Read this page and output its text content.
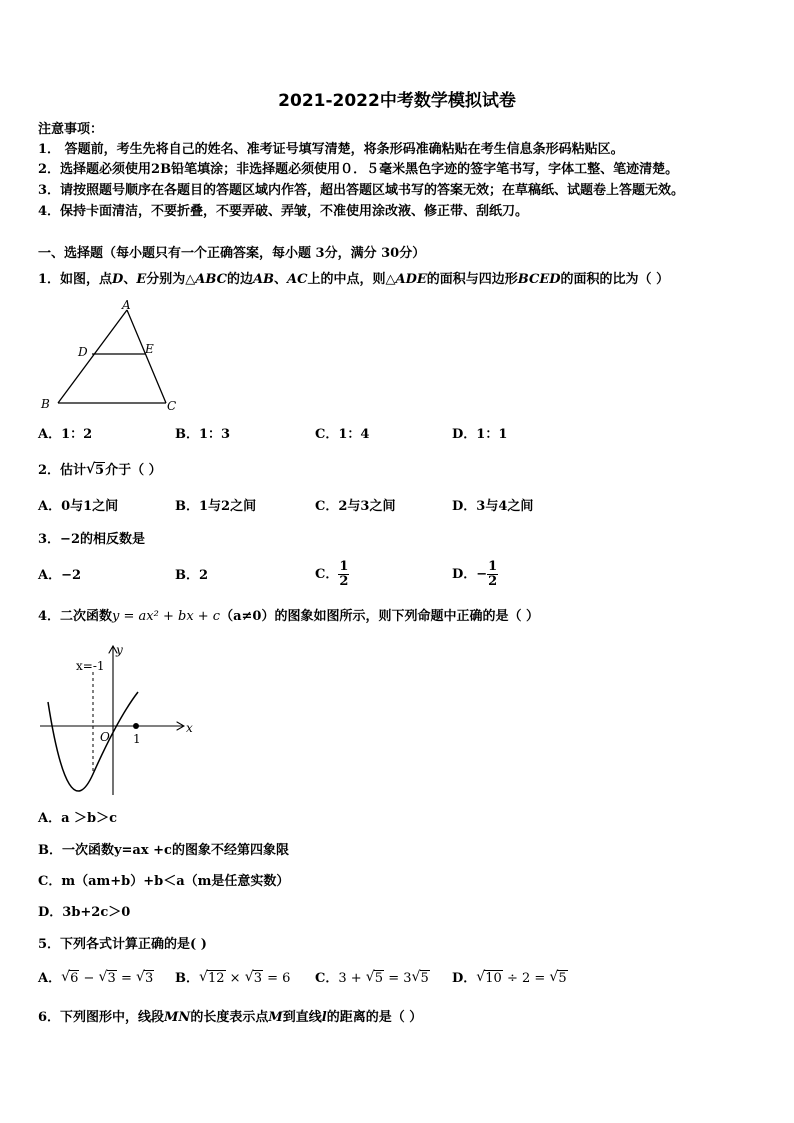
2021-2022中考数学模拟试卷
注意事项：
1． 答题前，考生先将自己的姓名、准考证号填写清楚，将条形码准确粘贴在考生信息条形码粘贴区。
2．选择题必须使用2B铅笔填涂；非选择题必须使用０．５毫米黑色字迹的签字笔书写，字体工整、笔迹清楚。
3．请按照题号顺序在各题目的答题区域内作答，超出答题区域书写的答案无效；在草稿纸、试题卷上答题无效。
4．保持卡面清洁，不要折叠，不要弄破、弄皱，不准使用涂改液、修正带、刮纸刀。
一、选择题（每小题只有一个正确答案，每小题 3分，满分 30分）
1．如图，点D、E分别为△ABC的边AB、AC上的中点，则△ADE的面积与四边形BCED的面积的比为（ ）
A
D	E
B	C
A．1：2	B．1：3	C．1：4	D．1：1
2．估计 √ 5介于（ ）
A．0与1之间	B．1与2之间	C．2与3之间	D．3与4之间
3．−2的相反数是
A．−2	B．2	C． $\frac{1}{2}$	D．− $\frac{1}{2}$
4．二次函数y = ax² + bx + c（a≠0）的图象如图所示，则下列命题中正确的是（ ）
x=-1
y
x
O 1
A．a ＞b＞c
B．一次函数y=ax +c的图象不经第四象限
C．m（am+b）+b＜a（m是任意实数）
D．3b+2c＞0
5．下列各式计算正确的是( )
A． √ 6 − √ 3 = √ 3 B． √ 12 × √ 3 = 6 C．3 + √ 5 = 3 √ 5 D． √ 10 ÷ 2 = √ 5
6．下列图形中，线段MN的长度表示点M到直线l的距离的是（ ）
